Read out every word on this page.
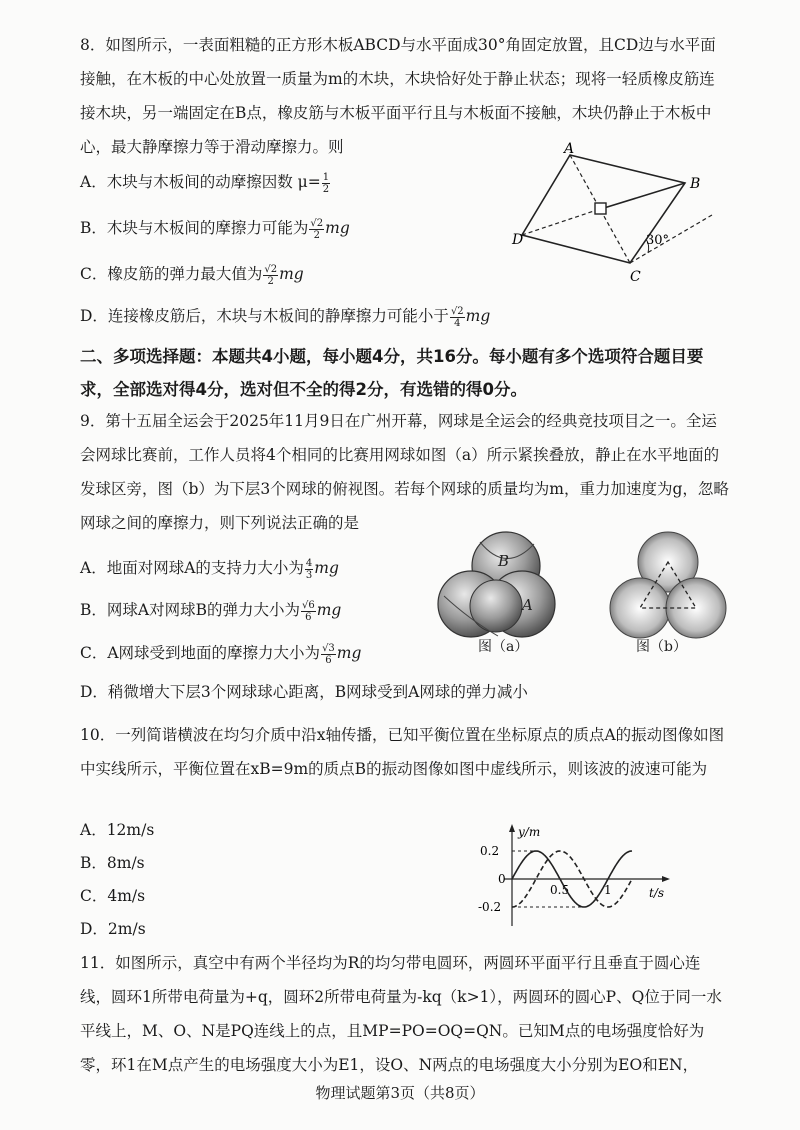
8．如图所示，一表面粗糙的正方形木板ABCD与水平面成30°角固定放置，且CD边与水平面接触，在木板的中心处放置一质量为m的木块，木块恰好处于静止状态；现将一轻质橡皮筋连接木块，另一端固定在B点，橡皮筋与木板平面平行且与木板面不接触，木块仍静止于木板中心，最大静摩擦力等于滑动摩擦力。则

A．木块与木板间的动摩擦因数 $\mu= \frac{1}{2}$
B．木块与木板间的摩擦力可能为 $\frac{√2}{2}$ mg
C．橡皮筋的弹力最大值为 $\frac{√2}{2}$ mg
D．连接橡皮筋后，木块与木板间的静摩擦力可能小于 $\frac{√2}{4}$ mg
A
B
C
D	30°

二、多项选择题：本题共4小题，每小题4分，共16分。每小题有多个选项符合题目要求，全部选对得4分，选对但不全的得2分，有选错的得0分。

9．第十五届全运会于2025年11月9日在广州开幕，网球是全运会的经典竞技项目之一。全运会网球比赛前，工作人员将4个相同的比赛用网球如图（a）所示紧挨叠放，静止在水平地面的发球区旁，图（b）为下层3个网球的俯视图。若每个网球的质量均为m，重力加速度为g，忽略网球之间的摩擦力，则下列说法正确的是

A．地面对网球A的支持力大小为 $\frac{4}{3}$ mg
B．网球A对网球B的弹力大小为 $\frac{√6}{6}$ mg
C．A网球受到地面的摩擦力大小为 $\frac{√3}{6}$ mg
D．稍微增大下层3个网球球心距离，B网球受到A网球的弹力减小
B
A
图（a）	图（b）

10．一列简谐横波在均匀介质中沿x轴传播，已知平衡位置在坐标原点的质点A的振动图像如图中实线所示，平衡位置在xB=9m的质点B的振动图像如图中虚线所示，则该波的波速可能为

A．12m/s
B．8m/s
C．4m/s
D．2m/s
y/m
t/s
0.2
0
-0.2
0.5	1

11．如图所示，真空中有两个半径均为R的均匀带电圆环，两圆环平面平行且垂直于圆心连线，圆环1所带电荷量为+q，圆环2所带电荷量为-kq（k>1），两圆环的圆心P、Q位于同一水平线上，M、O、N是PQ连线上的点，且MP=PO=OQ=QN。已知M点的电场强度恰好为零，环1在M点产生的电场强度大小为E1，设O、N两点的电场强度大小分别为EO和EN，

物理试题第3页（共8页）
